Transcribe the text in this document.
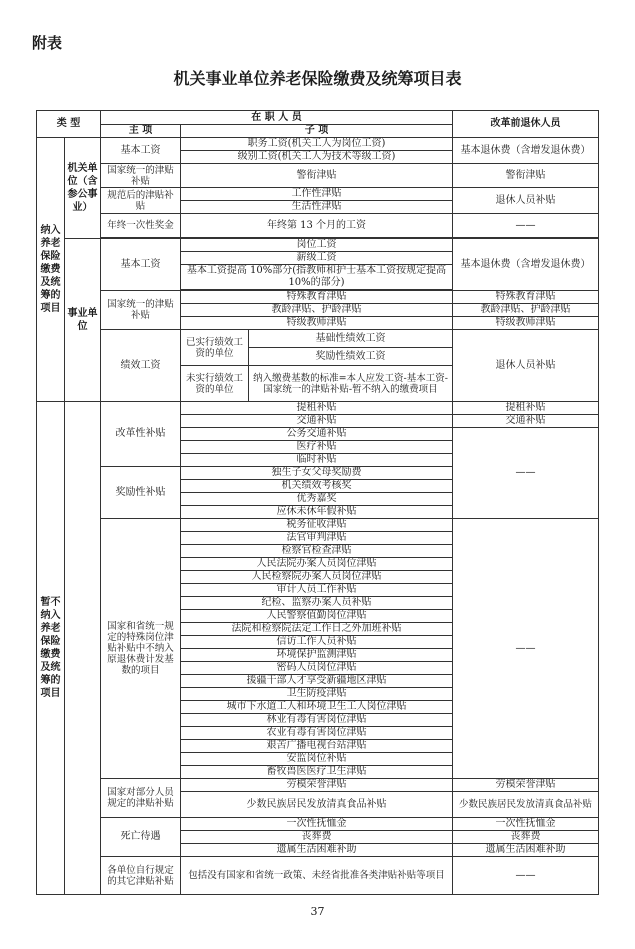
附表
机关事业单位养老保险缴费及统筹项目表
类 型		在 职 人 员			改革前退休人员
		主 项	子 项		
纳入养老保险缴费及统筹的项目	机关单位（含参公事业）	基本工资	职务工资(机关工人为岗位工资)		基本退休费（含增发退休费）
			级别工资(机关工人为技术等级工资)		
		国家统一的津贴补贴	警衔津贴		警衔津贴
		规范后的津贴补贴	工作性津贴		退休人员补贴
			生活性津贴		
		年终一次性奖金	年终第 13 个月的工资		——

	事业单位	基本工资	岗位工资		基本退休费（含增发退休费）
			薪级工资		
			基本工资提高 10%部分(指教师和护士基本工资按规定提高 10%的部分)		

		国家统一的津贴补贴	特殊教育津贴		特殊教育津贴
			教龄津贴、护龄津贴		教龄津贴、护龄津贴
			特级教师津贴		特级教师津贴
		绩效工资	已实行绩效工资的单位	基础性绩效工资	退休人员补贴
				奖励性绩效工资	
			未实行绩效工资的单位	纳入缴费基数的标准=本人应发工资-基本工资-国家统一的津贴补贴-暂不纳入的缴费项目	
暂不纳入养老保险缴费及统筹的项目		改革性补贴	提租补贴		提租补贴
			交通补贴		交通补贴
			公务交通补贴		——
			医疗补贴		
			临时补贴		
		奖励性补贴	独生子女父母奖励费		
			机关绩效考核奖		
			优秀嘉奖		
			应休未休年假补贴		
		国家和省统一规定的特殊岗位津贴补贴中不纳入原退休费计发基数的项目	税务征收津贴		——
			法官审判津贴		
			检察官检查津贴		
			人民法院办案人员岗位津贴		
			人民检察院办案人员岗位津贴		
			审计人员工作补贴		
			纪检、监察办案人员补贴		
			人民警察值勤岗位津贴		
			法院和检察院法定工作日之外加班补贴		
			信访工作人员补贴		
			环境保护监测津贴		
			密码人员岗位津贴		
			援疆干部人才享受新疆地区津贴		
			卫生防疫津贴		
			城市下水道工人和环境卫生工人岗位津贴		
			林业有毒有害岗位津贴		
			农业有毒有害岗位津贴		
			艰苦广播电视台站津贴		
			安监岗位补贴		
			畜牧兽医医疗卫生津贴		
		国家对部分人员规定的津贴补贴	劳模荣誉津贴		劳模荣誉津贴
			少数民族居民发放清真食品补贴		少数民族居民发放清真食品补贴
		死亡待遇	一次性抚恤金		一次性抚恤金
			丧葬费		丧葬费
			遗属生活困难补助		遗属生活困难补助
		各单位自行规定的其它津贴补贴	包括没有国家和省统一政策、未经省批准各类津贴补贴等项目		——
37
